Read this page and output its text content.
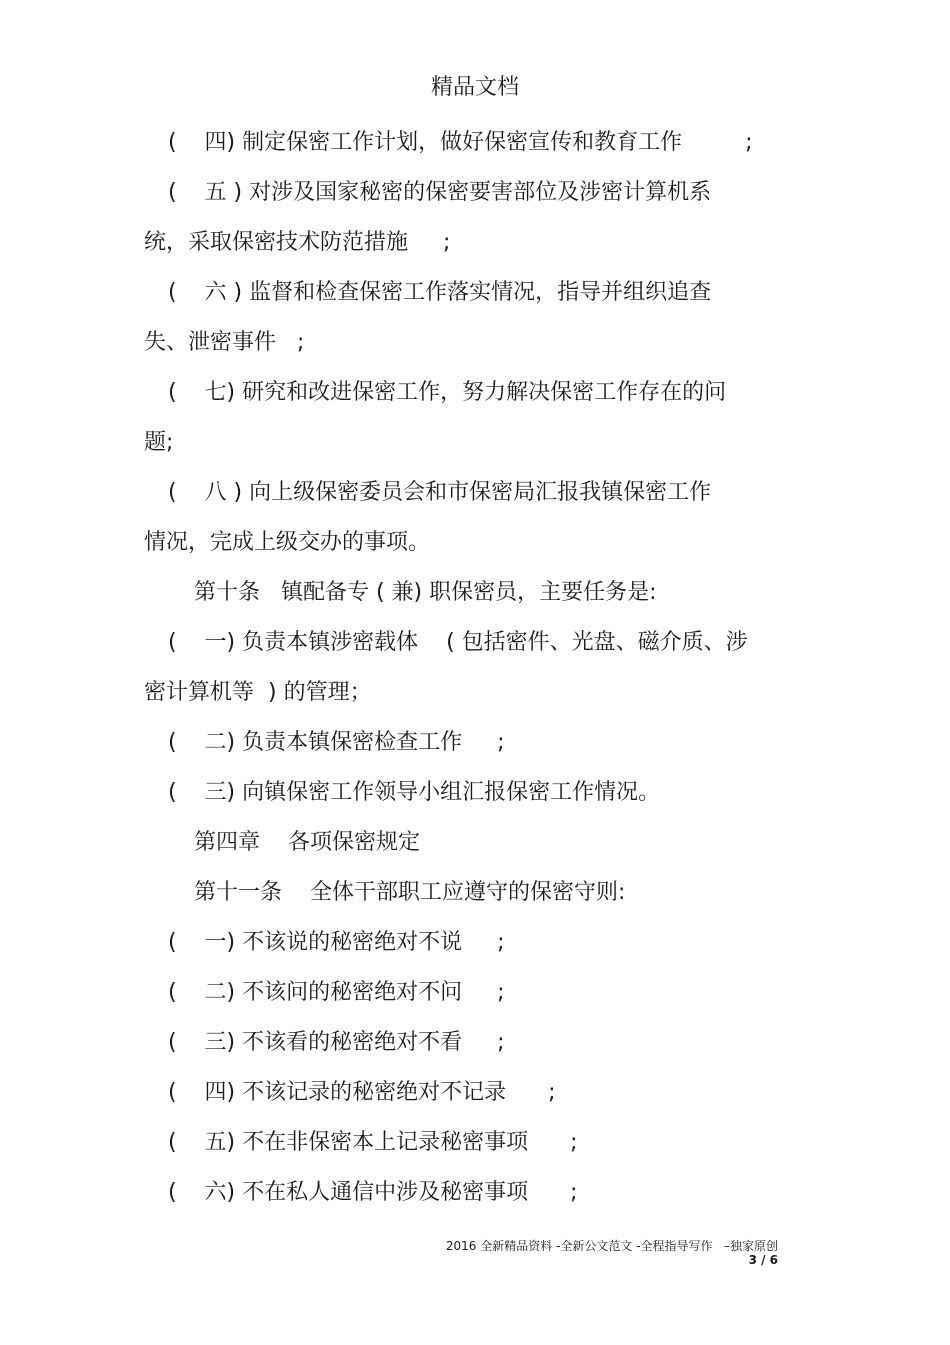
精品文档
(    四) 制定保密工作计划，做好保密宣传和教育工作         ;
(    五 ) 对涉及国家秘密的保密要害部位及涉密计算机系
统，采取保密技术防范措施     ;
(    六 ) 监督和检查保密工作落实情况，指导并组织追查
失、泄密事件   ;
(    七) 研究和改进保密工作，努力解决保密工作存在的问
题;
(    八 ) 向上级保密委员会和市保密局汇报我镇保密工作
情况，完成上级交办的事项。
第十条   镇配备专 ( 兼) 职保密员，主要任务是:
(    一) 负责本镇涉密载体    ( 包括密件、光盘、磁介质、涉
密计算机等  ) 的管理；
(    二) 负责本镇保密检查工作     ;
(    三) 向镇保密工作领导小组汇报保密工作情况。
第四章    各项保密规定
第十一条    全体干部职工应遵守的保密守则:
(    一) 不该说的秘密绝对不说     ;
(    二) 不该问的秘密绝对不问     ;
(    三) 不该看的秘密绝对不看     ;
(    四) 不该记录的秘密绝对不记录      ;
(    五) 不在非保密本上记录秘密事项      ;
(    六) 不在私人通信中涉及秘密事项      ;
2016 全新精品资料 -全新公文范文 -全程指导写作   –独家原创
3 / 6
